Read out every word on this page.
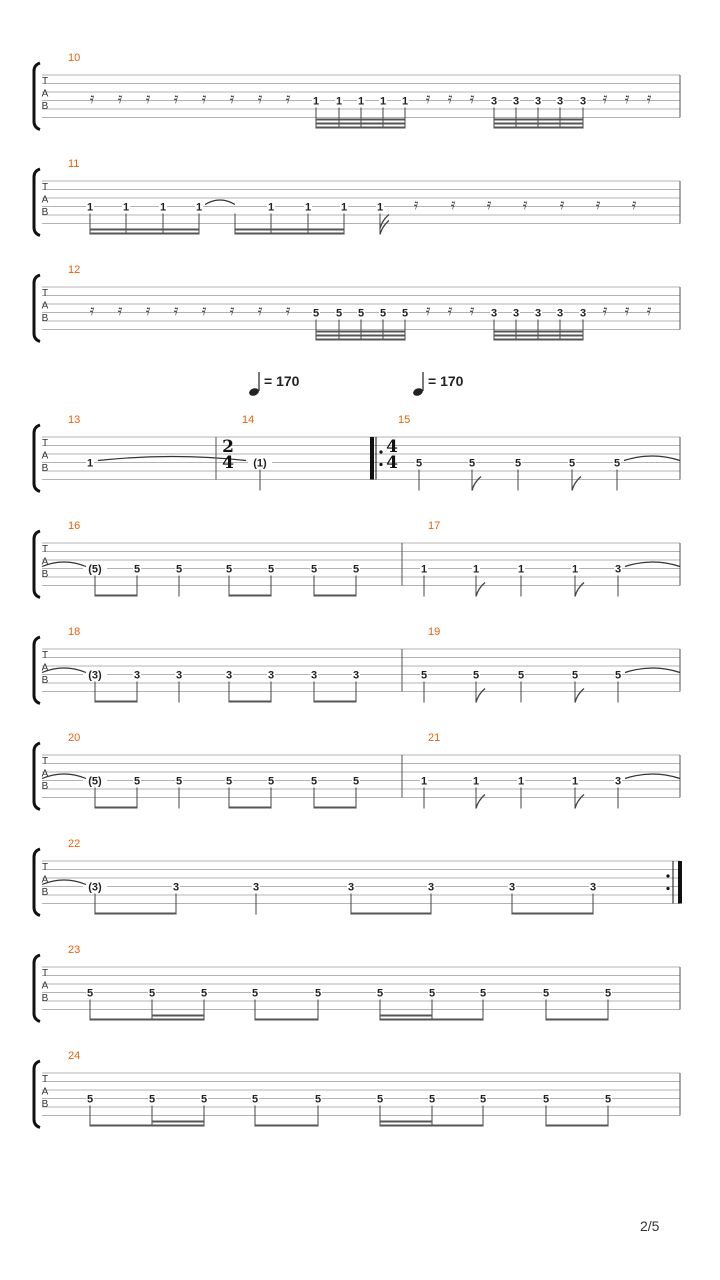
T
A
B
10
𝄿 𝄿 𝄿 𝄿 𝄿 𝄿 𝄿 𝄿 1 1 1 1 1 𝄿 𝄿 𝄿 3 3 3 3 3 𝄿 𝄿 𝄿
T
A
B
11
1	1	1	1	1	1	1	1 𝄿 𝄿 𝄿 𝄿 𝄿 𝄿 𝄿
T
A
B
12
𝄿 𝄿 𝄿 𝄿 𝄿 𝄿 𝄿 𝄿 5 5 5 5 5 𝄿 𝄿 𝄿 3 3 3 3 3 𝄿 𝄿 𝄿
T
A
B
13
1
14
2
4 (1)
15
4
4 5	5	5	5	5
T
A
B
16
(5)	5	5	5	5	5	5
17
1	1	1	1	3
T
A
B
18
(3)	3	3	3	3	3	3
19
5	5	5	5	5
T
A
B
20
(5)	5	5	5	5	5	5
21
1	1	1	1	3
T
A
B
22
(3)	3	3	3	3	3	3
T
A
B
23
5	5	5	5	5	5	5	5	5	5
T
A
B
24
5	5	5	5	5	5	5	5	5	5
= 170	= 170
2/5
